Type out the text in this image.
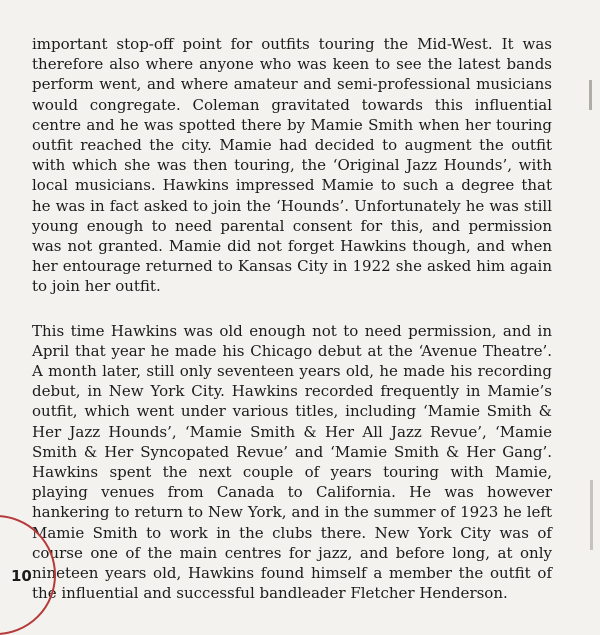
important stop-off point for outfits touring the Mid-West. It was therefore also where anyone who was keen to see the latest bands perform went, and where amateur and semi-professional musicians would congregate. Coleman gravitated towards this influential centre and he was spotted there by Mamie Smith when her touring outfit reached the city. Mamie had decided to augment the outfit with which she was then touring, the ‘Original Jazz Hounds’, with local musicians. Hawkins impressed Mamie to such a degree that he was in fact asked to join the ‘Hounds’. Unfortunately he was still young enough to need parental consent for this, and permission was not granted. Mamie did not forget Hawkins though, and when her entourage returned to Kansas City in 1922 she asked him again to join her outfit.

This time Hawkins was old enough not to need permission, and in April that year he made his Chicago debut at the ‘Avenue Theatre’. A month later, still only seventeen years old, he made his recording debut, in New York City. Hawkins recorded frequently in Mamie’s outfit, which went under various titles, including ‘Mamie Smith & Her Jazz Hounds’, ‘Mamie Smith & Her All Jazz Revue’, ‘Mamie Smith & Her Syncopated Revue’ and ‘Mamie Smith & Her Gang’. Hawkins spent the next couple of years touring with Mamie, playing venues from Canada to California. He was however hankering to return to New York, and in the summer of 1923 he left Mamie Smith to work in the clubs there. New York City was of course one of the main centres for jazz, and before long, at only nineteen years old, Hawkins found himself a member the outfit of the influential and successful bandleader Fletcher Henderson.

10
